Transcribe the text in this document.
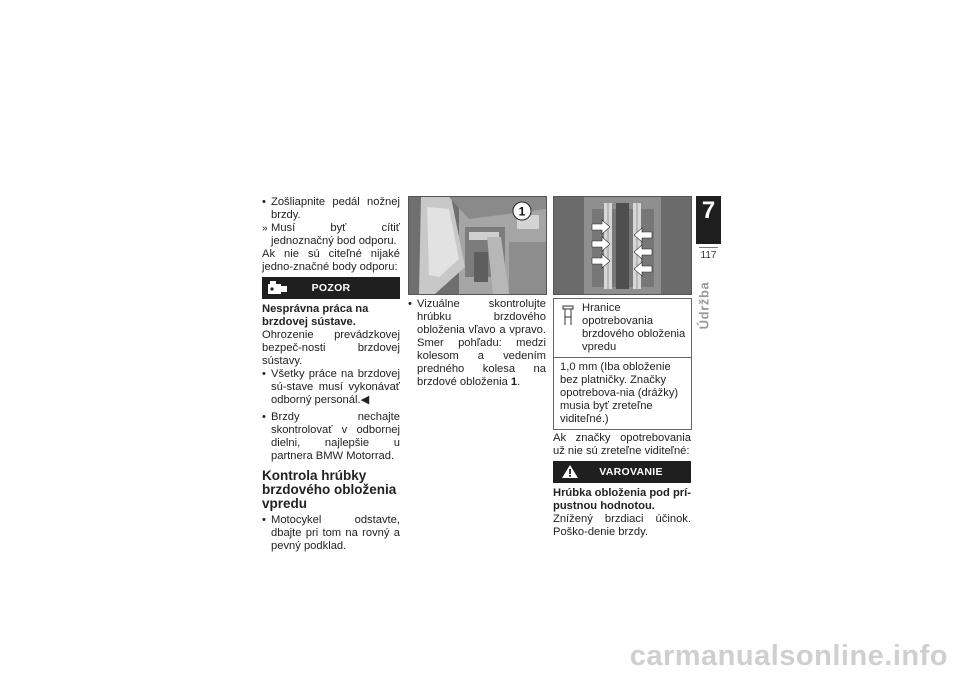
• Zošliapnite pedál nožnej brzdy.

» Musí byť cítiť jednoznačný bod odporu.

Ak nie sú citeľné nijaké jedno-značné body odporu:

POZOR

Nesprávna práca na brzdovej sústave.

Ohrozenie prevádzkovej bezpeč-nosti brzdovej sústavy.

• Všetky práce na brzdovej sú-stave musí vykonávať odborný personál.◀

• Brzdy nechajte skontrolovať v odbornej dielni, najlepšie u partnera BMW Motorrad.

Kontrola hrúbky brzdového obloženia vpredu

• Motocykel odstavte, dbajte pri tom na rovný a pevný podklad.

1

• Vizuálne skontrolujte hrúbku brzdového obloženia vľavo a vpravo. Smer pohľadu: medzi kolesom a vedením predného kolesa na brzdové obloženia 1.

Hranice opotrebovania brzdového obloženia vpredu

1,0 mm (Iba obloženie bez platničky. Značky opotrebova-nia (drážky) musia byť zreteľne viditeľné.)

Ak značky opotrebovania už nie sú zreteľne viditeľné:

VAROVANIE

Hrúbka obloženia pod prí-pustnou hodnotou.

Znížený brzdiaci účinok. Poško-denie brzdy.

7
117
Údržba
carmanualsonline.info
